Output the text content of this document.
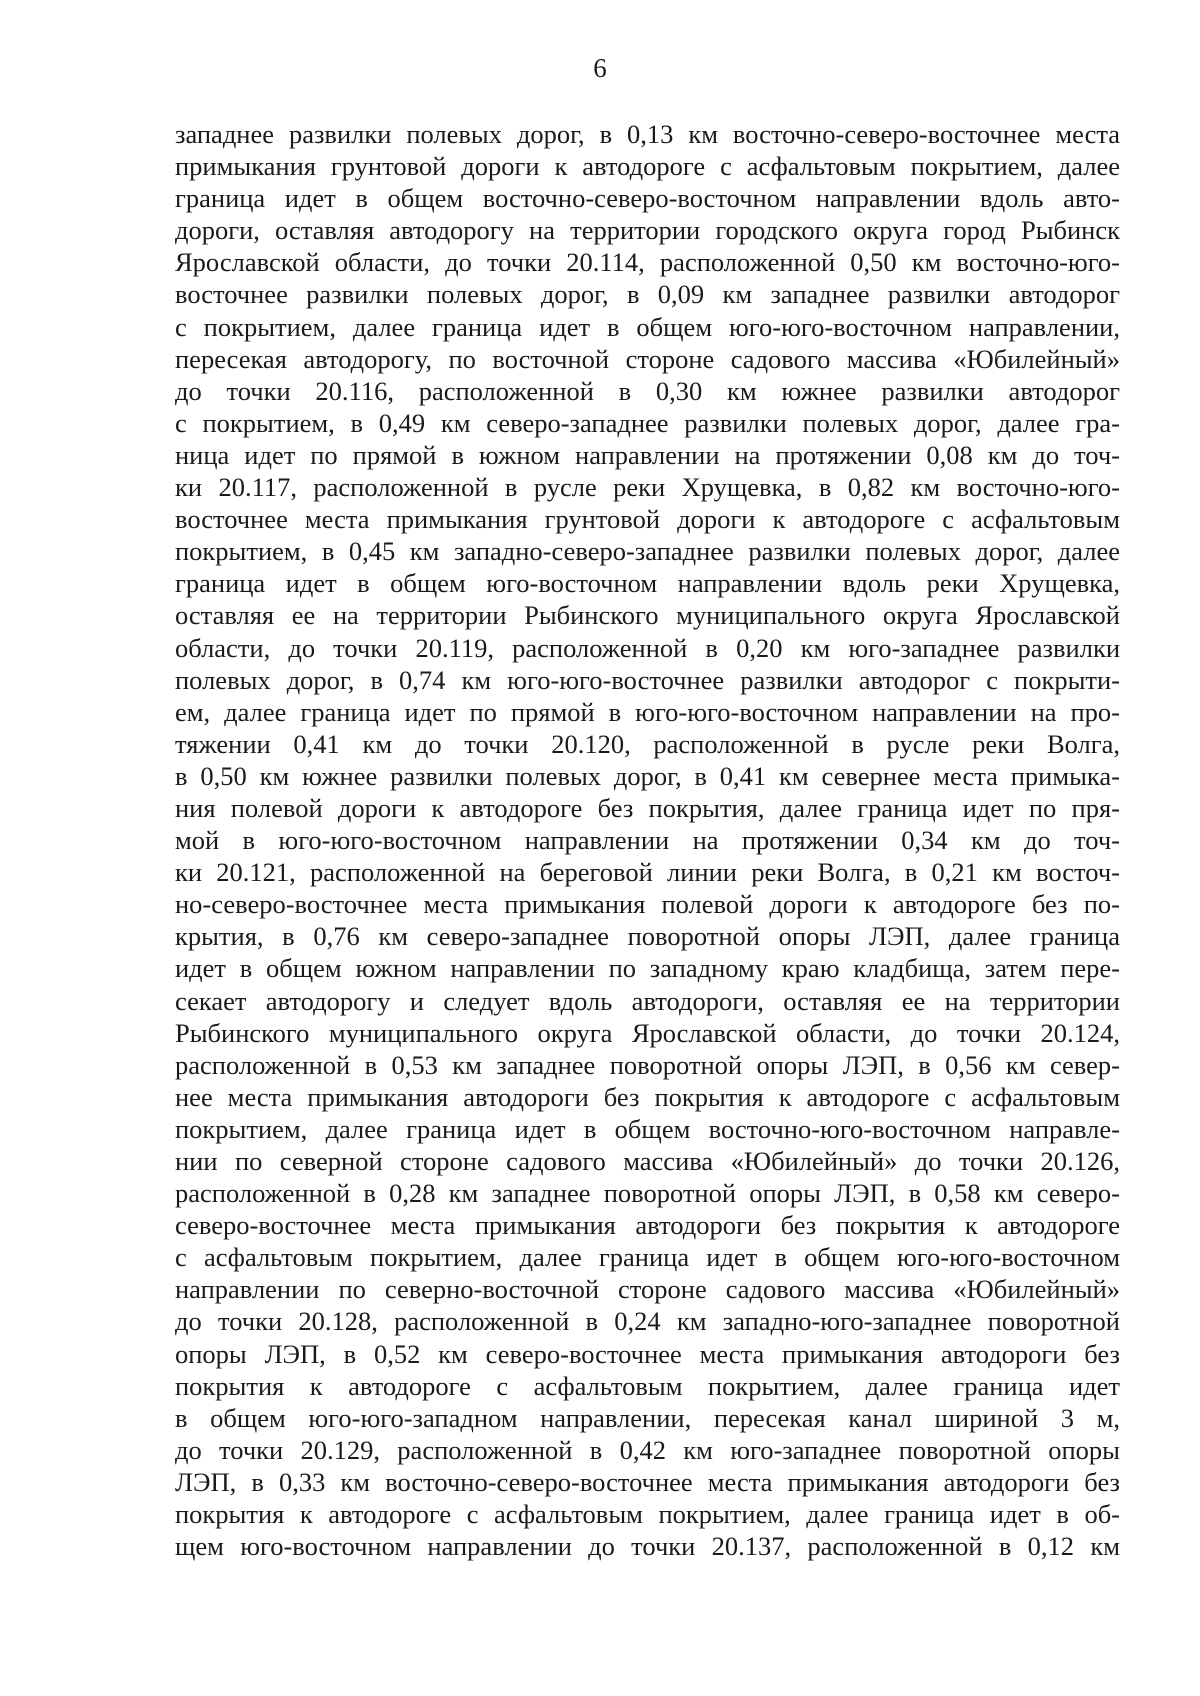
6
западнее развилки полевых дорог, в 0,13 км восточно-северо-восточнее места
примыкания грунтовой дороги к автодороге с асфальтовым покрытием, далее
граница идет в общем восточно-северо-восточном направлении вдоль авто-
дороги, оставляя автодорогу на территории городского округа город Рыбинск
Ярославской области, до точки 20.114, расположенной 0,50 км восточно-юго-
восточнее развилки полевых дорог, в 0,09 км западнее развилки автодорог
с покрытием, далее граница идет в общем юго-юго-восточном направлении,
пересекая автодорогу, по восточной стороне садового массива «Юбилейный»
до точки 20.116, расположенной в 0,30 км южнее развилки автодорог
с покрытием, в 0,49 км северо-западнее развилки полевых дорог, далее гра-
ница идет по прямой в южном направлении на протяжении 0,08 км до точ-
ки 20.117, расположенной в русле реки Хрущевка, в 0,82 км восточно-юго-
восточнее места примыкания грунтовой дороги к автодороге с асфальтовым
покрытием, в 0,45 км западно-северо-западнее развилки полевых дорог, далее
граница идет в общем юго-восточном направлении вдоль реки Хрущевка,
оставляя ее на территории Рыбинского муниципального округа Ярославской
области, до точки 20.119, расположенной в 0,20 км юго-западнее развилки
полевых дорог, в 0,74 км юго-юго-восточнее развилки автодорог с покрыти-
ем, далее граница идет по прямой в юго-юго-восточном направлении на про-
тяжении 0,41 км до точки 20.120, расположенной в русле реки Волга,
в 0,50 км южнее развилки полевых дорог, в 0,41 км севернее места примыка-
ния полевой дороги к автодороге без покрытия, далее граница идет по пря-
мой в юго-юго-восточном направлении на протяжении 0,34 км до точ-
ки 20.121, расположенной на береговой линии реки Волга, в 0,21 км восточ-
но-северо-восточнее места примыкания полевой дороги к автодороге без по-
крытия, в 0,76 км северо-западнее поворотной опоры ЛЭП, далее граница
идет в общем южном направлении по западному краю кладбища, затем пере-
секает автодорогу и следует вдоль автодороги, оставляя ее на территории
Рыбинского муниципального округа Ярославской области, до точки 20.124,
расположенной в 0,53 км западнее поворотной опоры ЛЭП, в 0,56 км север-
нее места примыкания автодороги без покрытия к автодороге с асфальтовым
покрытием, далее граница идет в общем восточно-юго-восточном направле-
нии по северной стороне садового массива «Юбилейный» до точки 20.126,
расположенной в 0,28 км западнее поворотной опоры ЛЭП, в 0,58 км северо-
северо-восточнее места примыкания автодороги без покрытия к автодороге
с асфальтовым покрытием, далее граница идет в общем юго-юго-восточном
направлении по северно-восточной стороне садового массива «Юбилейный»
до точки 20.128, расположенной в 0,24 км западно-юго-западнее поворотной
опоры ЛЭП, в 0,52 км северо-восточнее места примыкания автодороги без
покрытия к автодороге с асфальтовым покрытием, далее граница идет
в общем юго-юго-западном направлении, пересекая канал шириной 3 м,
до точки 20.129, расположенной в 0,42 км юго-западнее поворотной опоры
ЛЭП, в 0,33 км восточно-северо-восточнее места примыкания автодороги без
покрытия к автодороге с асфальтовым покрытием, далее граница идет в об-
щем юго-восточном направлении до точки 20.137, расположенной в 0,12 км
